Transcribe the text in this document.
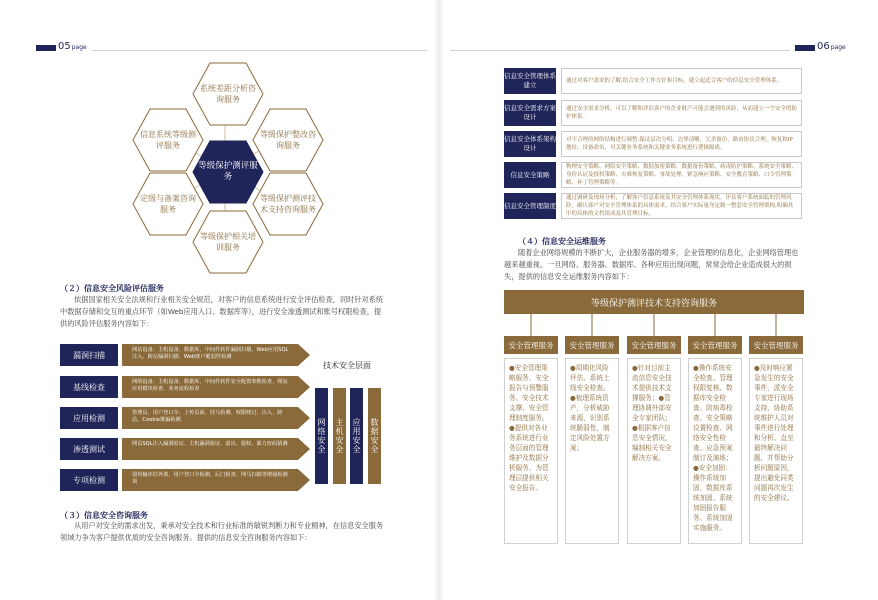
05page	06page
系统差距分析咨询服务
信息系统等级测评服务
等级保护整改咨询服务
等级保护测评服务
定级与备案咨询服务
等级保护测评技术支持咨询服务
等级保护相关培训服务
（２）信息安全风险评估服务
依据国家相关安全法规和行业相关安全规范，对客户的信息系统进行安全评估检查，同时针对系统中数据存储和交互的重点环节（如Web应用入口、数据库等），进行安全渗透测试和账号权限检查，提供的风险评估服务内容如下：
漏洞扫描
网站设备、主机设备、数据库、中间件软件漏洞扫描、Web应用SQL注入、跨站漏洞扫描、Web账户脆弱性检测
基线检查
网络设备、主机设备、数据库、中间件软件安全配置参数检查、网站应用模块检查、业务流程检查
应用检测
管理员、用户登口令、上传页面、挂马检测、权限绕过、注入、跨站、Cookie欺骗检测
渗透测试
网页SQL注入漏洞验证、主机漏洞验证、溢出、提权、暴力密码猜测
专项检测
弱传输评估外部，用户登口令检测、后门检查、网马扫描等增强检测项
技术安全层面
网络安全 主机安全 应用安全 数据安全
（３）信息安全咨询服务
从用户对安全的需求出发，秉承对安全技术和行业标准的敏锐判断力和专业精神，在信息安全服务领域力争为客户提供优质的安全咨询服务。提供的信息安全咨询服务内容如下：
信息安全管理体系建立	通过对客户需求的了解,结合安全工作方针和目标，建立起适合客户的信息安全管理体系。
信息安全需求方案设计
通过安全需求分析，可以了解和评估客户的企业财产可能会遇到的风险，从而建立一个安全的防护体系。
信息安全体系架构设计
对不合理的网络结构进行调整,保证层次分明、边界清晰，冗余备份，路由协议合理，恢复和IP地址、设备命名，对关键业务系统和关键业务系统进行逻辑隔离。
信息安全策略
物理安全策略、网络安全策略、数据加密策略、数据备份策略、病毒防护策略、系统安全策略、身份认证及授权策略、灾难恢复策略、事故处理、紧急响应策略、安全教育策略、口令管理策略、补丁管理策略等。
信息安全管理制度
通过调研及现场分析，了解客户信息系统及其安全管理体系现状，评估客户系统面临的管理风险，确认客户对安全管理体系的具体需求，结合客户实际量身定制一整套安全管理架构,明确其中的具体的文档组成及其管理目标。
（４）信息安全运维服务
随着企业网络规模的不断扩大，企业服务器的增多，企业管理的信息化，企业网络管理也越来越重视。一旦网络、服务器、数据库、各种应用出现问题，常常会给企业造成很大的损失，提供的信息安全运维服务内容如下：
等级保护测评技术支持咨询服务
安全管理服务
●安全管理策略服务、安全报告与预警服务、安全技术支撑、安全管理制度服务。●提供对各业务系统进行业务层面的管理维护及数据分析服务、为管理层提供相关安全报告。
安全管理服务
●周期化风险评估、系统上线安全检查。●梳理系统资产，分析威胁来源，识别系统脆弱性，制定风险处置方案；
安全管理服务
●针对目前主流信息安全技术提供技术支撑服务；●管理协调外部安全专家团队；●根据客户信息安全情况，编制相关安全解决方案。
安全管理服务
●操作系统安全检查、管理权限复核、数据库安全检查、防病毒检查、安全策略设置检查、网络安全性检查、应急预案制订及演练；●安全加固：操作系统加固、数据库系统加固、系统加固报告服务、系统加固实施服务。
安全管理服务
●及时响应紧急发生的安全事件，派安全专家进行现场支持、协助系统维护人员对事件进行处理和分析、直至最终解决问题，并帮助分析问题原因，提出避免同类问题再次发生的安全建议。
